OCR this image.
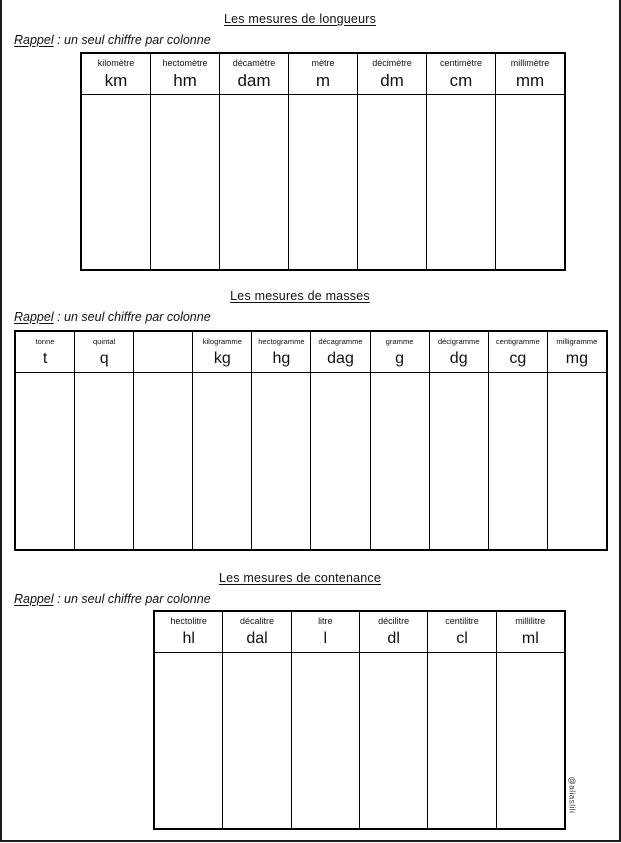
Les mesures de longueurs
Rappel : un seul chiffre par colonne
kilomètre
km
hectomètre
hm
décamètre
dam
mètre
m
décimètre
dm
centimètre
cm
millimètre
mm
Les mesures de masses
Rappel : un seul chiffre par colonne
tonne
t
quintal
q
kilogramme
kg
hectogramme
hg
décagramme
dag
gramme
g
décigramme
dg
centigramme
cg
milligramme
mg
Les mesures de contenance
Rappel : un seul chiffre par colonne
hectolitre
hl
décalitre
dal
litre
l
décilitre
dl
centilitre
cl
millilitre
ml
@aliaslili
